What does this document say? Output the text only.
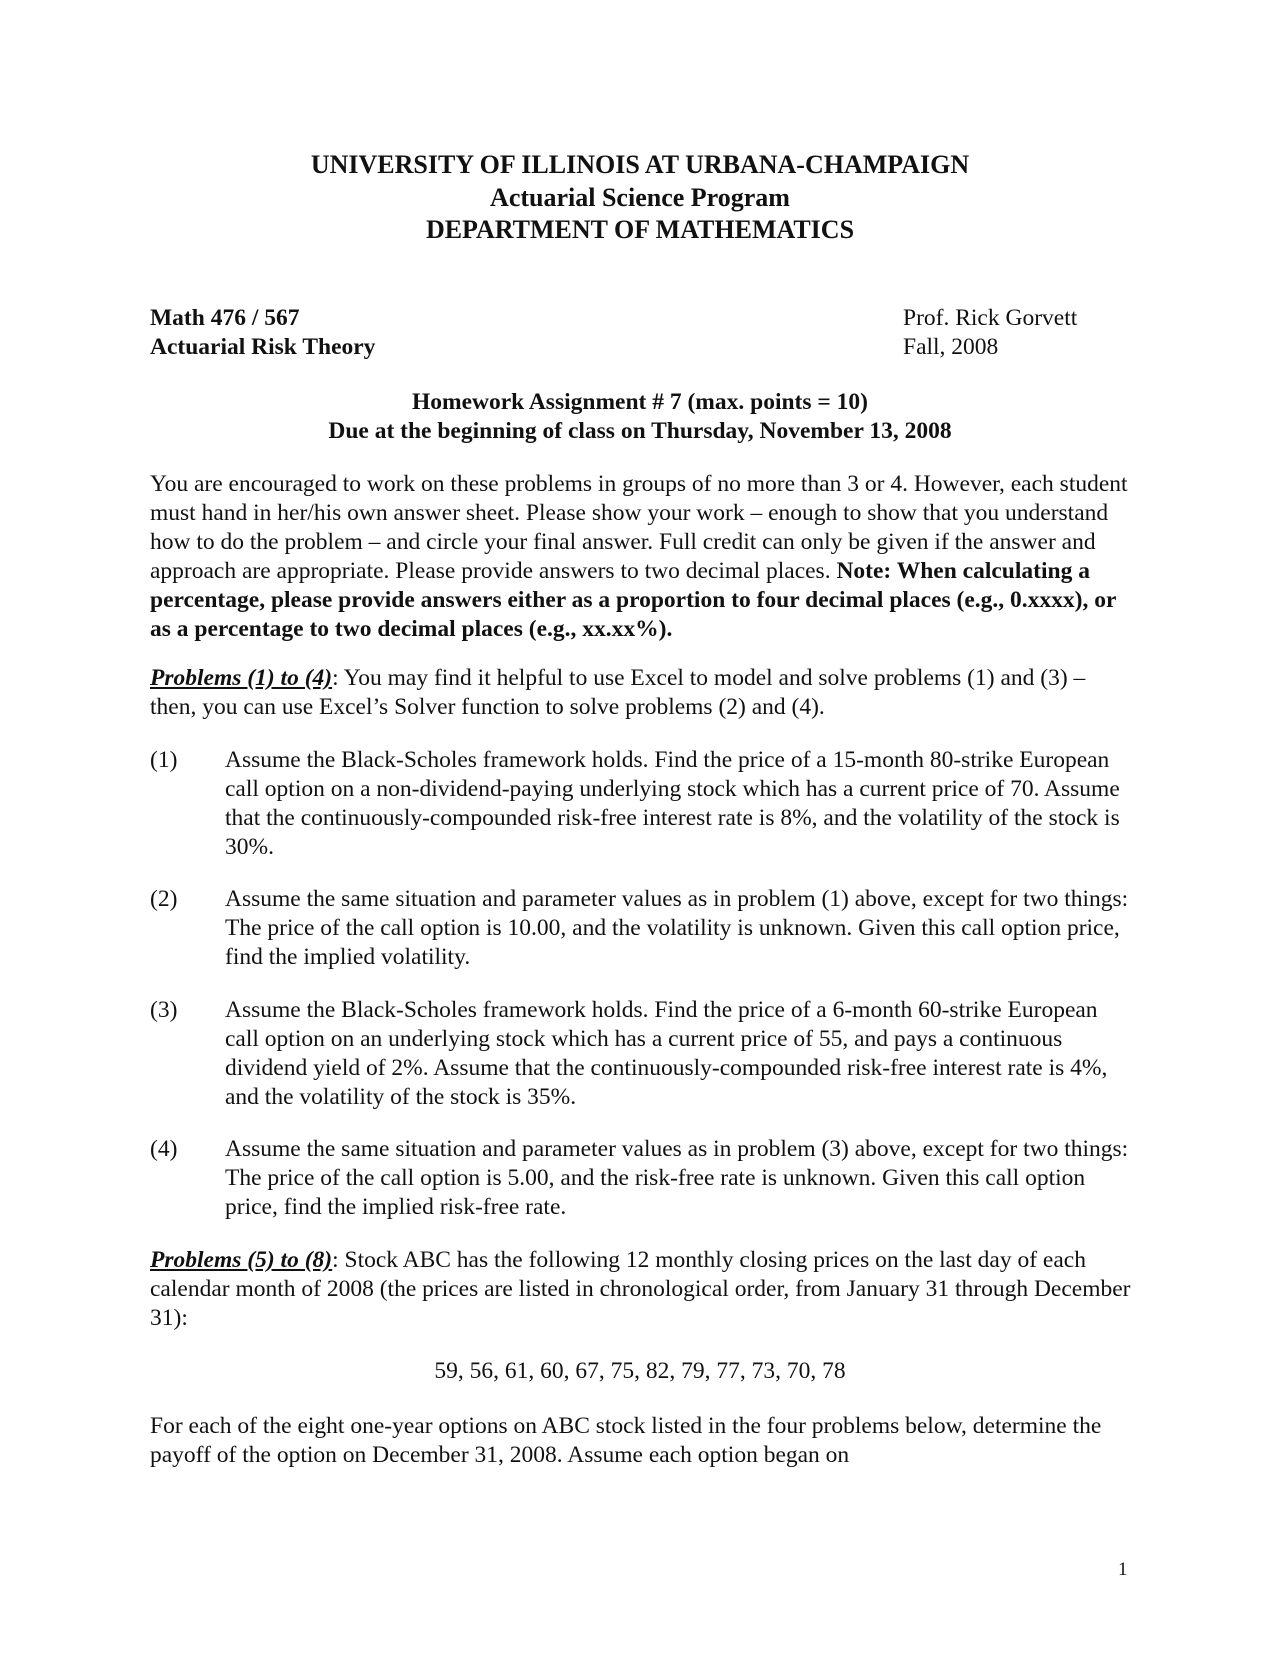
UNIVERSITY OF ILLINOIS AT URBANA-CHAMPAIGN
Actuarial Science Program
DEPARTMENT OF MATHEMATICS
Math 476 / 567
Actuarial Risk Theory
Prof. Rick Gorvett
Fall, 2008
Homework Assignment # 7 (max. points = 10)
Due at the beginning of class on Thursday, November 13, 2008
You are encouraged to work on these problems in groups of no more than 3 or 4. However, each student must hand in her/his own answer sheet. Please show your work – enough to show that you understand how to do the problem – and circle your final answer. Full credit can only be given if the answer and approach are appropriate. Please provide answers to two decimal places. Note: When calculating a percentage, please provide answers either as a proportion to four decimal places (e.g., 0.xxxx), or as a percentage to two decimal places (e.g., xx.xx%).
Problems (1) to (4): You may find it helpful to use Excel to model and solve problems (1) and (3) – then, you can use Excel’s Solver function to solve problems (2) and (4).
(1) Assume the Black-Scholes framework holds. Find the price of a 15-month 80-strike European call option on a non-dividend-paying underlying stock which has a current price of 70. Assume that the continuously-compounded risk-free interest rate is 8%, and the volatility of the stock is 30%.
(2) Assume the same situation and parameter values as in problem (1) above, except for two things: The price of the call option is 10.00, and the volatility is unknown. Given this call option price, find the implied volatility.
(3) Assume the Black-Scholes framework holds. Find the price of a 6-month 60-strike European call option on an underlying stock which has a current price of 55, and pays a continuous dividend yield of 2%. Assume that the continuously-compounded risk-free interest rate is 4%, and the volatility of the stock is 35%.
(4) Assume the same situation and parameter values as in problem (3) above, except for two things: The price of the call option is 5.00, and the risk-free rate is unknown. Given this call option price, find the implied risk-free rate.
Problems (5) to (8): Stock ABC has the following 12 monthly closing prices on the last day of each calendar month of 2008 (the prices are listed in chronological order, from January 31 through December 31):
59, 56, 61, 60, 67, 75, 82, 79, 77, 73, 70, 78
For each of the eight one-year options on ABC stock listed in the four problems below, determine the payoff of the option on December 31, 2008. Assume each option began on
1
